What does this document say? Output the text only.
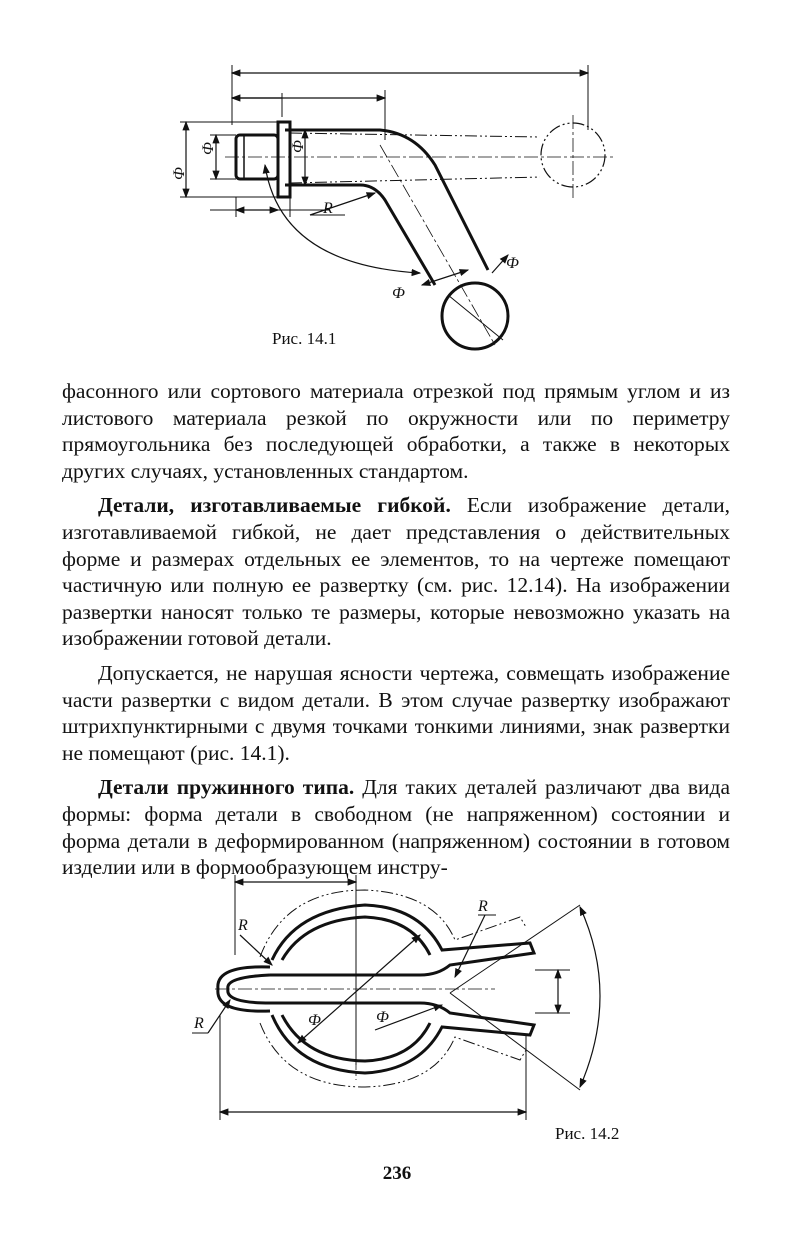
Ф
Ф	Ф
R
Ф
Ф
Рис. 14.1

фасонного или сортового материала отрезкой под прямым углом и из листового материала резкой по окружности или по периметру прямоугольника без последующей обработки, а также в некоторых других случаях, установленных стандартом.

Детали, изготавливаемые гибкой. Если изображение детали, изготавливаемой гибкой, не дает представления о действительных форме и размерах отдельных ее элементов, то на чертеже помещают частичную или полную ее развертку (см. рис. 12.14). На изображении развертки наносят только те размеры, которые невозможно указать на изображении готовой детали.

Допускается, не нарушая ясности чертежа, совмещать изображение части развертки с видом детали. В этом случае развертку изображают штрихпунктирными с двумя точками тонкими линиями, знак развертки не помещают (рис. 14.1).

Детали пружинного типа. Для таких деталей различают два вида формы: форма детали в свободном (не напряженном) состоянии и форма детали в деформированном (напряженном) состоянии в готовом изделии или в формообразующем инстру-

R
R
R
Ф	Ф
Рис. 14.2
236
